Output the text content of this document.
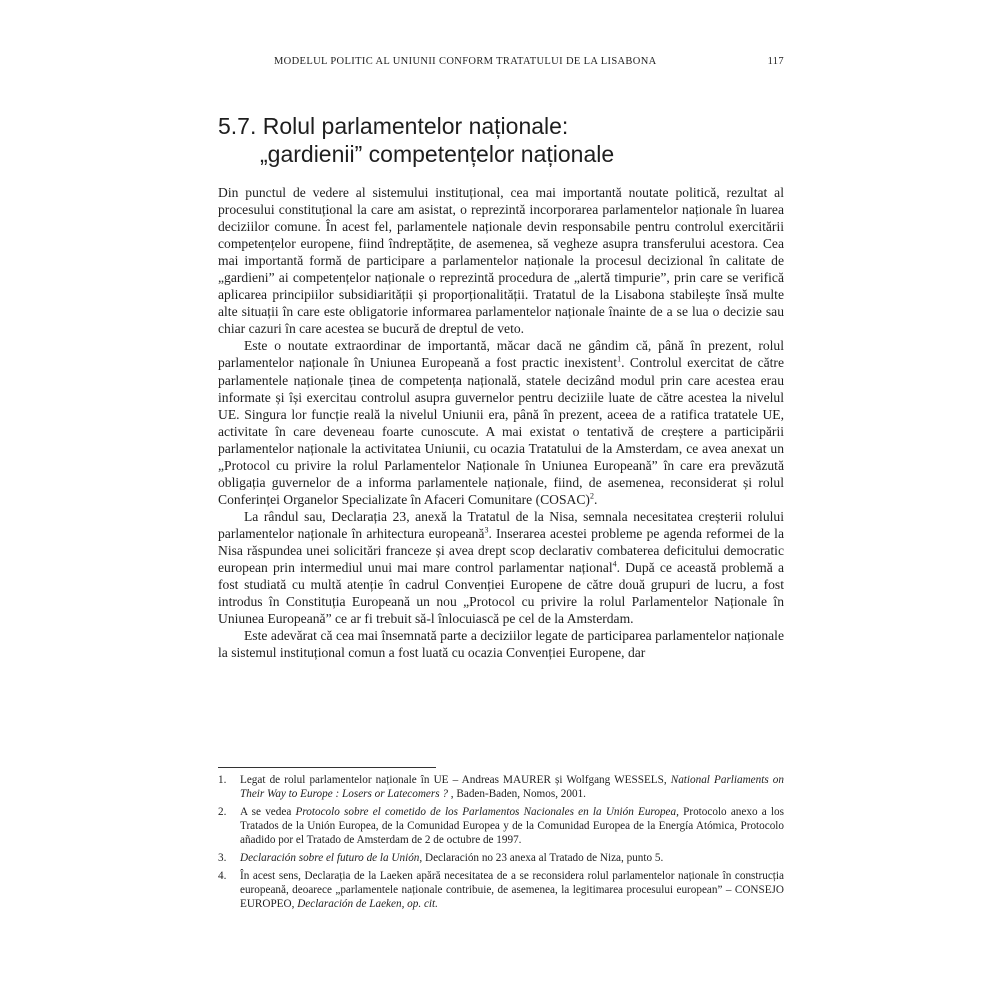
MODELUL POLITIC AL UNIUNII CONFORM TRATATULUI DE LA LISABONA	117
5.7. Rolul parlamentelor naționale:
„gardienii” competențelor naționale

Din punctul de vedere al sistemului instituțional, cea mai importantă noutate politică, rezultat al procesului constituțional la care am asistat, o reprezintă incorporarea parlamentelor naționale în luarea deciziilor comune. În acest fel, parlamentele naționale devin responsabile pentru controlul exercitării competențelor europene, fiind îndreptățite, de asemenea, să vegheze asupra transferului acestora. Cea mai importantă formă de participare a parlamentelor naționale la procesul decizional în calitate de „gardieni” ai competențelor naționale o reprezintă procedura de „alertă timpurie”, prin care se verifică aplicarea principiilor subsidiarității și proporționalității. Tratatul de la Lisabona stabilește însă multe alte situații în care este obligatorie informarea parlamentelor naționale înainte de a se lua o decizie sau chiar cazuri în care acestea se bucură de dreptul de veto.

Este o noutate extraordinar de importantă, măcar dacă ne gândim că, până în prezent, rolul parlamentelor naționale în Uniunea Europeană a fost practic inexistent$^1$. Controlul exercitat de către parlamentele naționale ținea de competența națională, statele decizând modul prin care acestea erau informate și își exercitau controlul asupra guvernelor pentru deciziile luate de către acestea la nivelul UE. Singura lor funcție reală la nivelul Uniunii era, până în prezent, aceea de a ratifica tratatele UE, activitate în care deveneau foarte cunoscute. A mai existat o tentativă de creștere a participării parlamentelor naționale la activitatea Uniunii, cu ocazia Tratatului de la Amsterdam, ce avea anexat un „Protocol cu privire la rolul Parlamentelor Naționale în Uniunea Europeană” în care era prevăzută obligația guvernelor de a informa parlamentele naționale, fiind, de asemenea, reconsiderat și rolul Conferinței Organelor Specializate în Afaceri Comunitare (COSAC)$^2$.

La rândul sau, Declarația 23, anexă la Tratatul de la Nisa, semnala necesitatea creșterii rolului parlamentelor naționale în arhitectura europeană$^3$. Inserarea acestei probleme pe agenda reformei de la Nisa răspundea unei solicitări franceze și avea drept scop declarativ combaterea deficitului democratic european prin intermediul unui mai mare control parlamentar național$^4$. După ce această problemă a fost studiată cu multă atenție în cadrul Convenției Europene de către două grupuri de lucru, a fost introdus în Constituția Europeană un nou „Protocol cu privire la rolul Parlamentelor Naționale în Uniunea Europeană” ce ar fi trebuit să-l înlocuiască pe cel de la Amsterdam.

Este adevărat că cea mai însemnată parte a deciziilor legate de participarea parlamentelor naționale la sistemul instituțional comun a fost luată cu ocazia Convenției Europene, dar

1.	Legat de rolul parlamentelor naționale în UE – Andreas MAURER și Wolfgang WESSELS, National Parliaments on Their Way to Europe : Losers or Latecomers ? , Baden-Baden, Nomos, 2001.
2.	A se vedea Protocolo sobre el cometido de los Parlamentos Nacionales en la Unión Europea, Protocolo anexo a los Tratados de la Unión Europea, de la Comunidad Europea y de la Comunidad Europea de la Energía Atómica, Protocolo añadido por el Tratado de Amsterdam de 2 de octubre de 1997.
3.	Declaración sobre el futuro de la Unión, Declaración no 23 anexa al Tratado de Niza, punto 5.
4.	În acest sens, Declarația de la Laeken apără necesitatea de a se reconsidera rolul parlamentelor naționale în construcția europeană, deoarece „parlamentele naționale contribuie, de asemenea, la legitimarea procesului european” – CONSEJO EUROPEO, Declaración de Laeken, op. cit.
